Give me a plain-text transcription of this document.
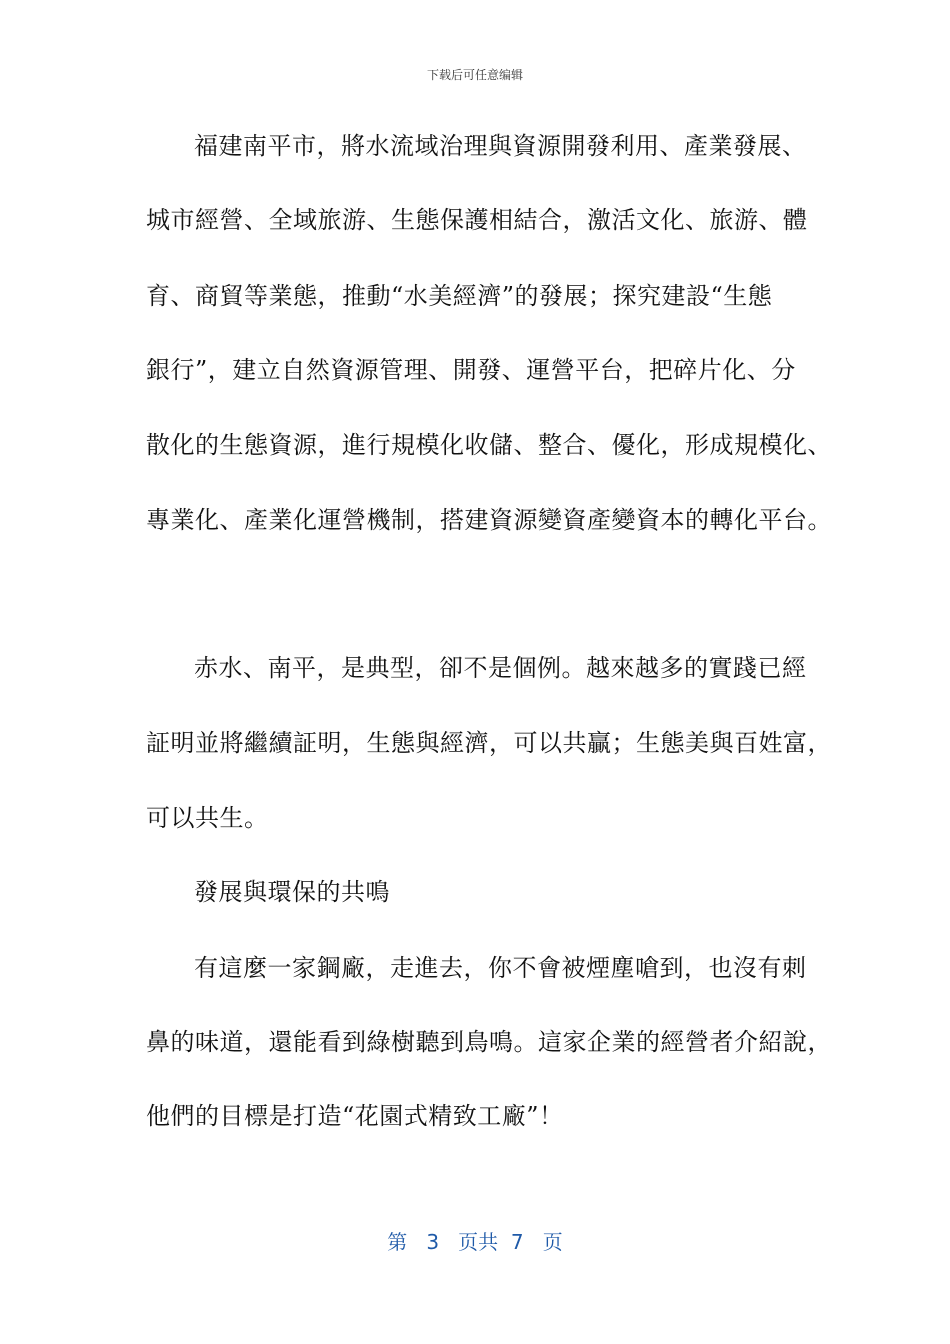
下载后可任意编辑
福建南平市，將水流域治理與資源開發利用、產業發展、
城市經營、全域旅游、生態保護相結合，激活文化、旅游、體
育、商貿等業態，推動“水美經濟”的發展；探究建設“生態
銀行”，建立自然資源管理、開發、運營平台，把碎片化、分
散化的生態資源，進行規模化收儲、整合、優化，形成規模化、
專業化、產業化運營機制，搭建資源變資產變資本的轉化平台。
赤水、南平，是典型，卻不是個例。越來越多的實踐已經
証明並將繼續証明，生態與經濟，可以共贏；生態美與百姓富，
可以共生。
發展與環保的共鳴
有這麼一家鋼廠，走進去，你不會被煙塵嗆到，也沒有刺
鼻的味道，還能看到綠樹聽到鳥鳴。這家企業的經營者介紹說，
他們的目標是打造“花園式精致工廠”！
第 3 页共 7 页
